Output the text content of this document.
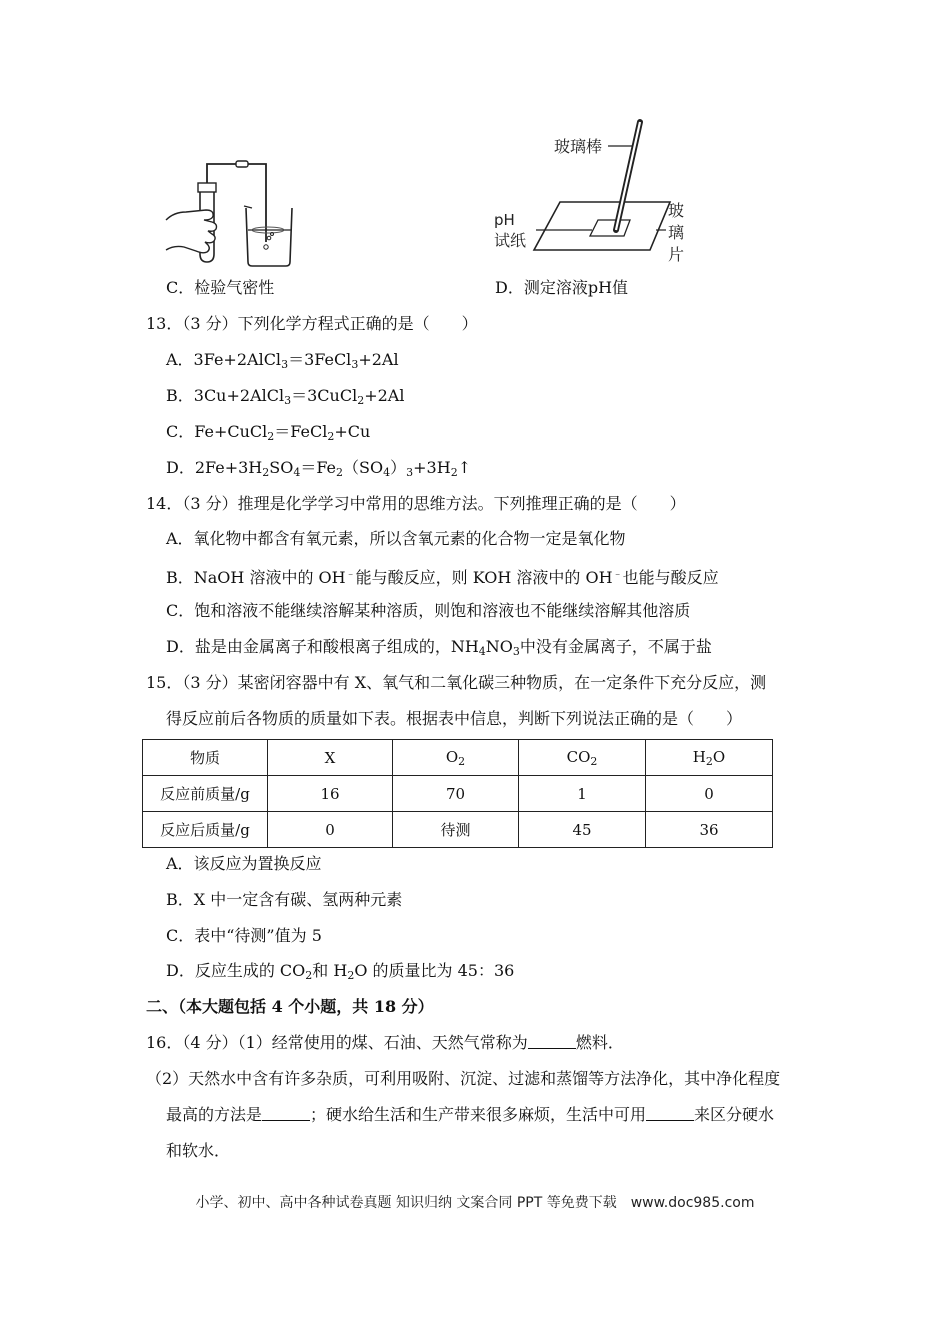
C．检验气密性
玻璃棒
pH
试纸
玻
璃
片
D．测定溶液pH值
13．（3 分）下列化学方程式正确的是（　　）
A．3Fe+2AlCl$_3$＝3FeCl$_3$+2Al
B．3Cu+2AlCl$_3$＝3CuCl$_2$+2Al
C．Fe+CuCl$_2$＝FeCl$_2$+Cu
D．$2Fe+3H_2SO_4=Fe_2(SO_4)_3+3H_2↑$
14．（3 分）推理是化学学习中常用的思维方法。下列推理正确的是（　　）
A．氧化物中都含有氧元素，所以含氧元素的化合物一定是氧化物
B．NaOH 溶液中的 OH﹣能与酸反应，则 KOH 溶液中的 OH﹣也能与酸反应
C．饱和溶液不能继续溶解某种溶质，则饱和溶液也不能继续溶解其他溶质
D．盐是由金属离子和酸根离子组成的，$NH_4NO_3$中没有金属离子，不属于盐
15．（3 分）某密闭容器中有 X、氧气和二氧化碳三种物质，在一定条件下充分反应，测
得反应前后各物质的质量如下表。根据表中信息，判断下列说法正确的是（　　）
物质	X	$O_2$	$CO_2$	$H_2O$
反应前质量/g	16	70	1	0
反应后质量/g	0	待测	45	36
A．该反应为置换反应
B．X 中一定含有碳、氢两种元素
C．表中“待测”值为 5
D．反应生成的 $CO_2$和 $H_2O$ 的质量比为 45：36
二、（本大题包括 4 个小题，共 18 分）
16．（4 分）（1）经常使用的煤、石油、天然气常称为	燃料．
（2）天然水中含有许多杂质，可利用吸附、沉淀、过滤和蒸馏等方法净化，其中净化程度
最高的方法是	；硬水给生活和生产带来很多麻烦，生活中可用	来区分硬水
和软水．
小学、初中、高中各种试卷真题 知识归纳 文案合同 PPT 等免费下载　www.doc985.com
